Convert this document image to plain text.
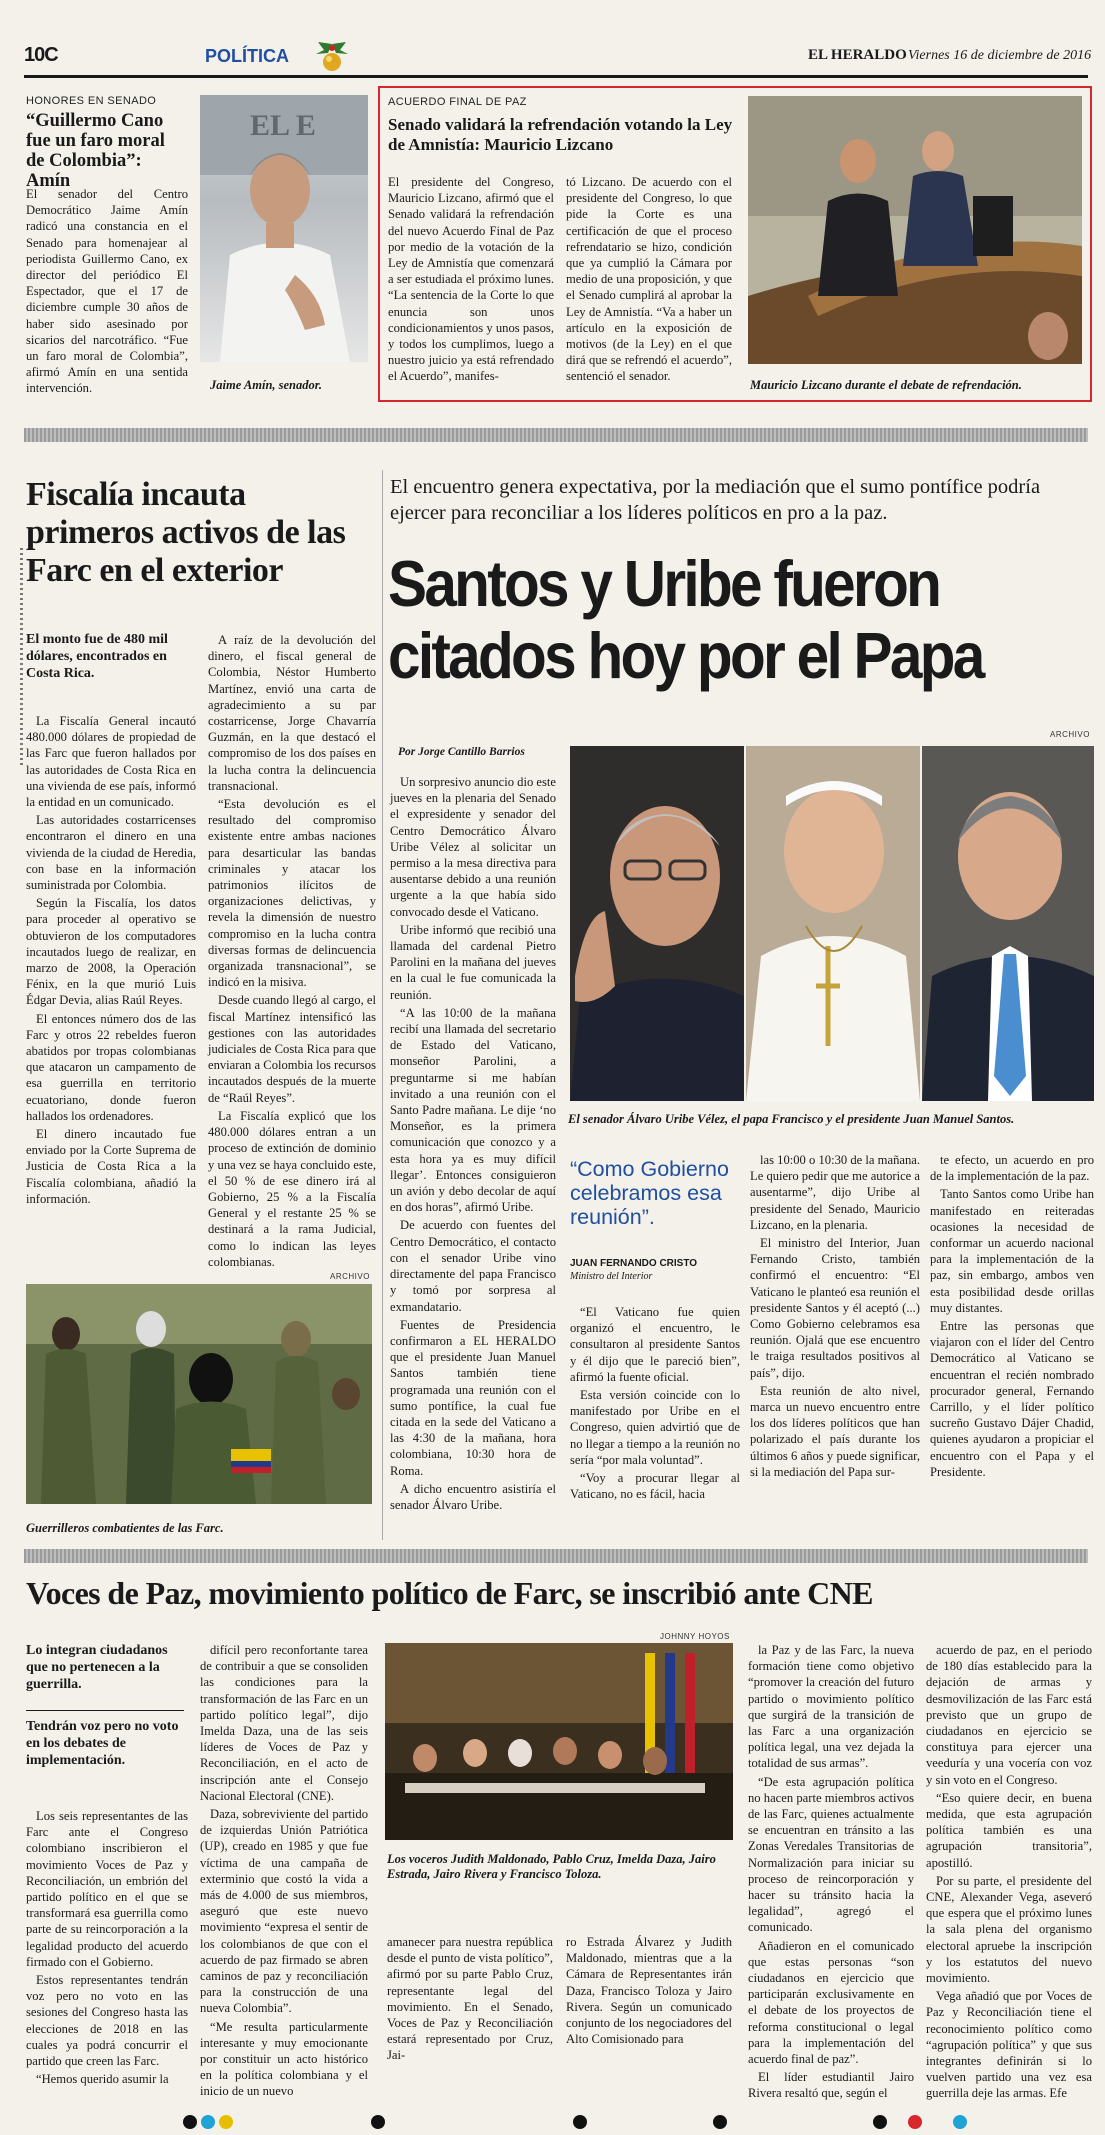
10C	POLÍTICA	EL HERALDO Viernes 16 de diciembre de 2016
HONORES EN SENADO
“Guillermo Cano fue un faro moral de Colombia”: Amín
El senador del Centro Democrático Jaime Amín radicó una constancia en el Senado para homenajear al periodista Guillermo Cano, ex director del periódico El Espectador, que el 17 de diciembre cumple 30 años de haber sido asesinado por sicarios del narcotráfico. “Fue un faro moral de Colombia”, afirmó Amín en una sentida intervención.
EL E
Jaime Amín, senador.
ACUERDO FINAL DE PAZ
Senado validará la refrendación votando la Ley de Amnistía: Mauricio Lizcano
El presidente del Congreso, Mauricio Lizcano, afirmó que el Senado validará la refrendación del nuevo Acuerdo Final de Paz por medio de la votación de la Ley de Amnistía que comenzará a ser estudiada el próximo lunes. “La sentencia de la Corte lo que enuncia son unos condicionamientos y unos pasos, y todos los cumplimos, luego a nuestro juicio ya está refrendado el Acuerdo”, manifes-
tó Lizcano. De acuerdo con el presidente del Congreso, lo que pide la Corte es una certificación de que el proceso refrendatario se hizo, condición que ya cumplió la Cámara por medio de una proposición, y que el Senado cumplirá al aprobar la Ley de Amnistía. “Va a haber un artículo en la exposición de motivos (de la Ley) en el que dirá que se refrendó el acuerdo”, sentenció el senador.
Mauricio Lizcano durante el debate de refrendación.
Fiscalía incauta primeros activos de las Farc en el exterior
El monto fue de 480 mil dólares, encontrados en Costa Rica.

La Fiscalía General incautó 480.000 dólares de propiedad de las Farc que fueron hallados por las autoridades de Costa Rica en una vivienda de ese país, informó la entidad en un comunicado.

Las autoridades costarricenses encontraron el dinero en una vivienda de la ciudad de Heredia, con base en la información suministrada por Colombia.

Según la Fiscalía, los datos para proceder al operativo se obtuvieron de los computadores incautados luego de realizar, en marzo de 2008, la Operación Fénix, en la que murió Luis Édgar Devia, alias Raúl Reyes.

El entonces número dos de las Farc y otros 22 rebeldes fueron abatidos por tropas colombianas que atacaron un campamento de esa guerrilla en territorio ecuatoriano, donde fueron hallados los ordenadores.

El dinero incautado fue enviado por la Corte Suprema de Justicia de Costa Rica a la Fiscalía colombiana, añadió la información.

A raíz de la devolución del dinero, el fiscal general de Colombia, Néstor Humberto Martínez, envió una carta de agradecimiento a su par costarricense, Jorge Chavarría Guzmán, en la que destacó el compromiso de los dos países en la lucha contra la delincuencia transnacional.

“Esta devolución es el resultado del compromiso existente entre ambas naciones para desarticular las bandas criminales y atacar los patrimonios ilícitos de organizaciones delictivas, y revela la dimensión de nuestro compromiso en la lucha contra diversas formas de delincuencia organizada transnacional”, se indicó en la misiva.

Desde cuando llegó al cargo, el fiscal Martínez intensificó las gestiones con las autoridades judiciales de Costa Rica para que enviaran a Colombia los recursos incautados después de la muerte de “Raúl Reyes”.

La Fiscalía explicó que los 480.000 dólares entran a un proceso de extinción de dominio y una vez se haya concluido este, el 50 % de ese dinero irá al Gobierno, 25 % a la Fiscalía General y el restante 25 % se destinará a la rama Judicial, como lo indican las leyes colombianas.

ARCHIVO
Guerrilleros combatientes de las Farc.
El encuentro genera expectativa, por la mediación que el sumo pontífice podría ejercer para reconciliar a los líderes políticos en pro a la paz.
Santos y Uribe fueron citados hoy por el Papa
Por Jorge Cantillo Barrios
ARCHIVO

Un sorpresivo anuncio dio este jueves en la plenaria del Senado el expresidente y senador del Centro Democrático Álvaro Uribe Vélez al solicitar un permiso a la mesa directiva para ausentarse debido a una reunión urgente a la que había sido convocado desde el Vaticano.

Uribe informó que recibió una llamada del cardenal Pietro Parolini en la mañana del jueves en la cual le fue comunicada la reunión.

“A las 10:00 de la mañana recibí una llamada del secretario de Estado del Vaticano, monseñor Parolini, a preguntarme si me habían invitado a una reunión con el Santo Padre mañana. Le dije ‘no Monseñor, es la primera comunicación que conozco y a esta hora ya es muy difícil llegar’. Entonces consiguieron un avión y debo decolar de aquí en dos horas”, afirmó Uribe.

De acuerdo con fuentes del Centro Democrático, el contacto con el senador Uribe vino directamente del papa Francisco y tomó por sorpresa al exmandatario.

Fuentes de Presidencia confirmaron a EL HERALDO que el presidente Juan Manuel Santos también tiene programada una reunión con el sumo pontífice, la cual fue citada en la sede del Vaticano a las 4:30 de la mañana, hora colombiana, 10:30 hora de Roma.

A dicho encuentro asistiría el senador Álvaro Uribe.

El senador Álvaro Uribe Vélez, el papa Francisco y el presidente Juan Manuel Santos.
“Como Gobierno celebramos esa reunión”.
JUAN FERNANDO CRISTO
Ministro del Interior

“El Vaticano fue quien organizó el encuentro, le consultaron al presidente Santos y él dijo que le pareció bien”, afirmó la fuente oficial.

Esta versión coincide con lo manifestado por Uribe en el Congreso, quien advirtió que de no llegar a tiempo a la reunión no sería “por mala voluntad”.

“Voy a procurar llegar al Vaticano, no es fácil, hacia

las 10:00 o 10:30 de la mañana. Le quiero pedir que me autorice a ausentarme”, dijo Uribe al presidente del Senado, Mauricio Lizcano, en la plenaria.

El ministro del Interior, Juan Fernando Cristo, también confirmó el encuentro: “El Vaticano le planteó esa reunión el presidente Santos y él aceptó (...) Como Gobierno celebramos esa reunión. Ojalá que ese encuentro le traiga resultados positivos al país”, dijo.

Esta reunión de alto nivel, marca un nuevo encuentro entre los dos líderes políticos que han polarizado el país durante los últimos 6 años y puede significar, si la mediación del Papa sur-

te efecto, un acuerdo en pro de la implementación de la paz.

Tanto Santos como Uribe han manifestado en reiteradas ocasiones la necesidad de conformar un acuerdo nacional para la implementación de la paz, sin embargo, ambos ven esta posibilidad desde orillas muy distantes.

Entre las personas que viajaron con el líder del Centro Democrático al Vaticano se encuentran el recién nombrado procurador general, Fernando Carrillo, y el líder político sucreño Gustavo Dájer Chadid, quienes ayudaron a propiciar el encuentro con el Papa y el Presidente.

Voces de Paz, movimiento político de Farc, se inscribió ante CNE
Lo integran ciudadanos que no pertenecen a la guerrilla.
Tendrán voz pero no voto en los debates de implementación.

Los seis representantes de las Farc ante el Congreso colombiano inscribieron el movimiento Voces de Paz y Reconciliación, un embrión del partido político en el que se transformará esa guerrilla como parte de su reincorporación a la legalidad producto del acuerdo firmado con el Gobierno.

Estos representantes tendrán voz pero no voto en las sesiones del Congreso hasta las elecciones de 2018 en las cuales ya podrá concurrir el partido que creen las Farc.

“Hemos querido asumir la

difícil pero reconfortante tarea de contribuir a que se consoliden las condiciones para la transformación de las Farc en un partido político legal”, dijo Imelda Daza, una de las seis líderes de Voces de Paz y Reconciliación, en el acto de inscripción ante el Consejo Nacional Electoral (CNE).

Daza, sobreviviente del partido de izquierdas Unión Patriótica (UP), creado en 1985 y que fue víctima de una campaña de exterminio que costó la vida a más de 4.000 de sus miembros, aseguró que este nuevo movimiento “expresa el sentir de los colombianos de que con el acuerdo de paz firmado se abren caminos de paz y reconciliación para la construcción de una nueva Colombia”.

“Me resulta particularmente interesante y muy emocionante por constituir un acto histórico en la política colombiana y el inicio de un nuevo

JOHNNY HOYOS
Los voceros Judith Maldonado, Pablo Cruz, Imelda Daza, Jairo Estrada, Jairo Rivera y Francisco Toloza.
amanecer para nuestra república desde el punto de vista político”, afirmó por su parte Pablo Cruz, representante legal del movimiento. En el Senado, Voces de Paz y Reconciliación estará representado por Cruz, Jai-
ro Estrada Álvarez y Judith Maldonado, mientras que a la Cámara de Representantes irán Daza, Francisco Toloza y Jairo Rivera. Según un comunicado conjunto de los negociadores del Alto Comisionado para

la Paz y de las Farc, la nueva formación tiene como objetivo “promover la creación del futuro partido o movimiento político que surgirá de la transición de las Farc a una organización política legal, una vez dejada la totalidad de sus armas”.

“De esta agrupación política no hacen parte miembros activos de las Farc, quienes actualmente se encuentran en tránsito a las Zonas Veredales Transitorias de Normalización para iniciar su proceso de reincorporación y hacer su tránsito hacia la legalidad”, agregó el comunicado.

Añadieron en el comunicado que estas personas “son ciudadanos en ejercicio que participarán exclusivamente en el debate de los proyectos de reforma constitucional o legal para la implementación del acuerdo final de paz”.

El líder estudiantil Jairo Rivera resaltó que, según el

acuerdo de paz, en el periodo de 180 días establecido para la dejación de armas y desmovilización de las Farc está previsto que un grupo de ciudadanos en ejercicio se constituya para ejercer una veeduría y una vocería con voz y sin voto en el Congreso.

“Eso quiere decir, en buena medida, que esta agrupación política también es una agrupación transitoria”, apostilló.

Por su parte, el presidente del CNE, Alexander Vega, aseveró que espera que el próximo lunes la sala plena del organismo electoral apruebe la inscripción y los estatutos del nuevo movimiento.

Vega añadió que por Voces de Paz y Reconciliación tiene el reconocimiento político como “agrupación política” y que sus integrantes definirán si lo vuelven partido una vez esa guerrilla deje las armas. Efe
